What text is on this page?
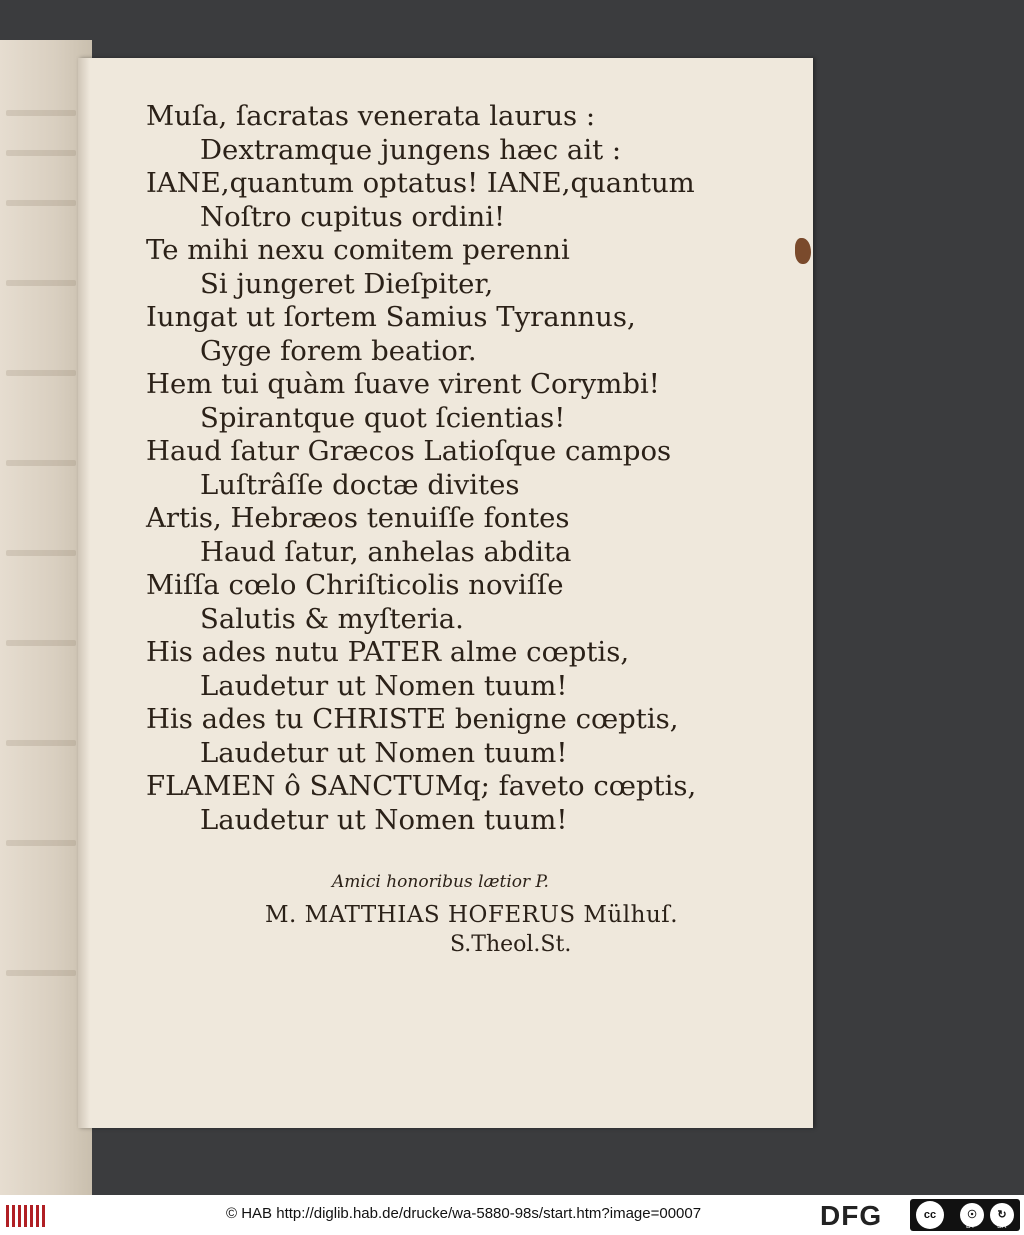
Muſa, ſacratas venerata laurus :
Dextramque jungens hæc ait :
IANE,quantum optatus! IANE,quantum
Noſtro cupitus ordini!
Te mihi nexu comitem perenni
Si jungeret Dieſpiter,
Iungat ut ſortem Samius Tyrannus,
Gyge forem beatior.
Hem tui quàm ſuave virent Corymbi!
Spirantque quot ſcientias!
Haud ſatur Græcos Latioſque campos
Luſtrâſſe doctæ divites
Artis, Hebræos tenuiſſe fontes
Haud ſatur, anhelas abdita
Miſſa cœlo Chriſticolis noviſſe
Salutis & myſteria.
His ades nutu PATER alme cœptis,
Laudetur ut Nomen tuum!
His ades tu CHRISTE benigne cœptis,
Laudetur ut Nomen tuum!
FLAMEN ô SANCTUMq; faveto cœptis,
Laudetur ut Nomen tuum!
Amici honoribus lætior P.
M. MATTHIAS HOFERUS Mülhuſ.
S.Theol.St.
© HAB http://diglib.hab.de/drucke/wa-5880-98s/start.htm?image=00007	DFG	cc	☉	↻
BY	SA
